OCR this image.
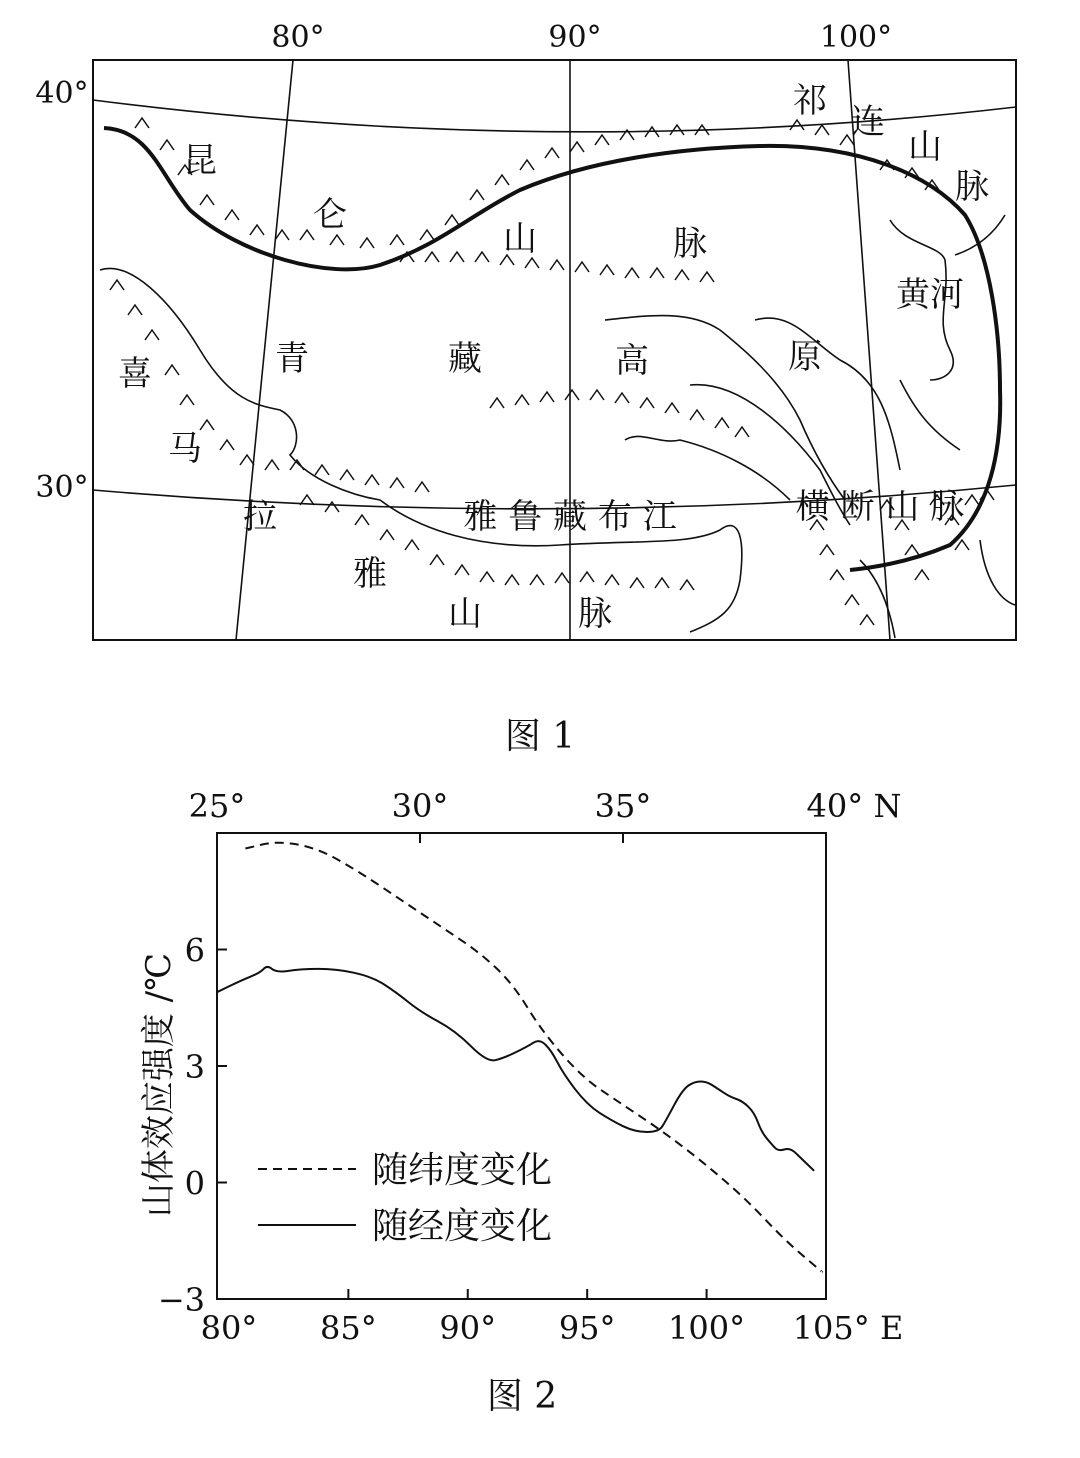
80°	90°	100°
40°
30°
昆
仑
山	脉
祁
连
山
脉
喜
马
拉
雅
山	脉
青	藏	高	原
雅 鲁 藏 布 江	横 断 山 脉
黄河
图 1
6
3
0
−3
25°	30°	35°	40° N
80° 85° 90° 95° 100° 105° E
山体效应强度 /℃	随纬度变化
随经度变化
图 2
